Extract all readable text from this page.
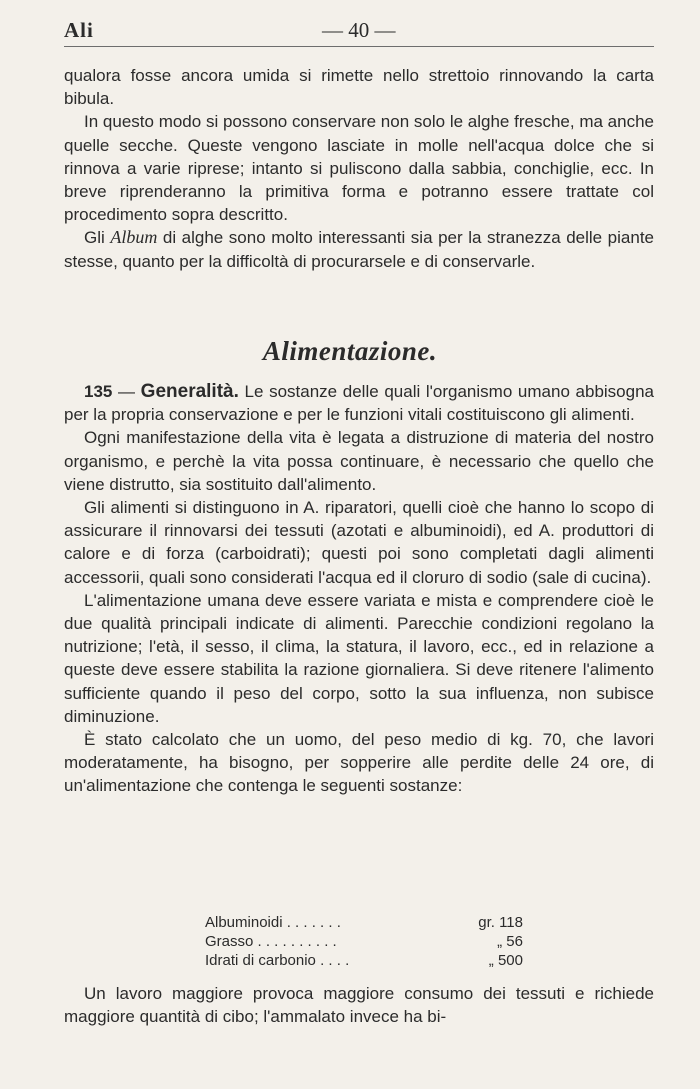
Ali	— 40 —

qualora fosse ancora umida si rimette nello strettoio rinnovando la carta bibula.

In questo modo si possono conservare non solo le alghe fresche, ma anche quelle secche. Queste vengono lasciate in molle nell'acqua dolce che si rinnova a varie riprese; intanto si puliscono dalla sabbia, conchiglie, ecc. In breve riprenderanno la primitiva forma e potranno essere trattate col procedimento sopra descritto.

Gli Album di alghe sono molto interessanti sia per la stranezza delle piante stesse, quanto per la difficoltà di procurarsele e di conservarle.

Alimentazione.

135 — Generalità. Le sostanze delle quali l'organismo umano abbisogna per la propria conservazione e per le funzioni vitali costituiscono gli alimenti.

Ogni manifestazione della vita è legata a distruzione di materia del nostro organismo, e perchè la vita possa continuare, è necessario che quello che viene distrutto, sia sostituito dall'alimento.

Gli alimenti si distinguono in A. riparatori, quelli cioè che hanno lo scopo di assicurare il rinnovarsi dei tessuti (azotati e albuminoidi), ed A. produttori di calore e di forza (carboidrati); questi poi sono completati dagli alimenti accessorii, quali sono considerati l'acqua ed il cloruro di sodio (sale di cucina).

L'alimentazione umana deve essere variata e mista e comprendere cioè le due qualità principali indicate di alimenti. Parecchie condizioni regolano la nutrizione; l'età, il sesso, il clima, la statura, il lavoro, ecc., ed in relazione a queste deve essere stabilita la razione giornaliera. Si deve ritenere l'alimento sufficiente quando il peso del corpo, sotto la sua influenza, non subisce diminuzione.

È stato calcolato che un uomo, del peso medio di kg. 70, che lavori moderatamente, ha bisogno, per sopperire alle perdite delle 24 ore, di un'alimentazione che contenga le seguenti sostanze:

Albuminoidi . . . . . . .	gr. 118
Grasso . . . . . . . . . .	„ 56
Idrati di carbonio . . . .	„ 500

Un lavoro maggiore provoca maggiore consumo dei tessuti e richiede maggiore quantità di cibo; l'ammalato invece ha bi-
